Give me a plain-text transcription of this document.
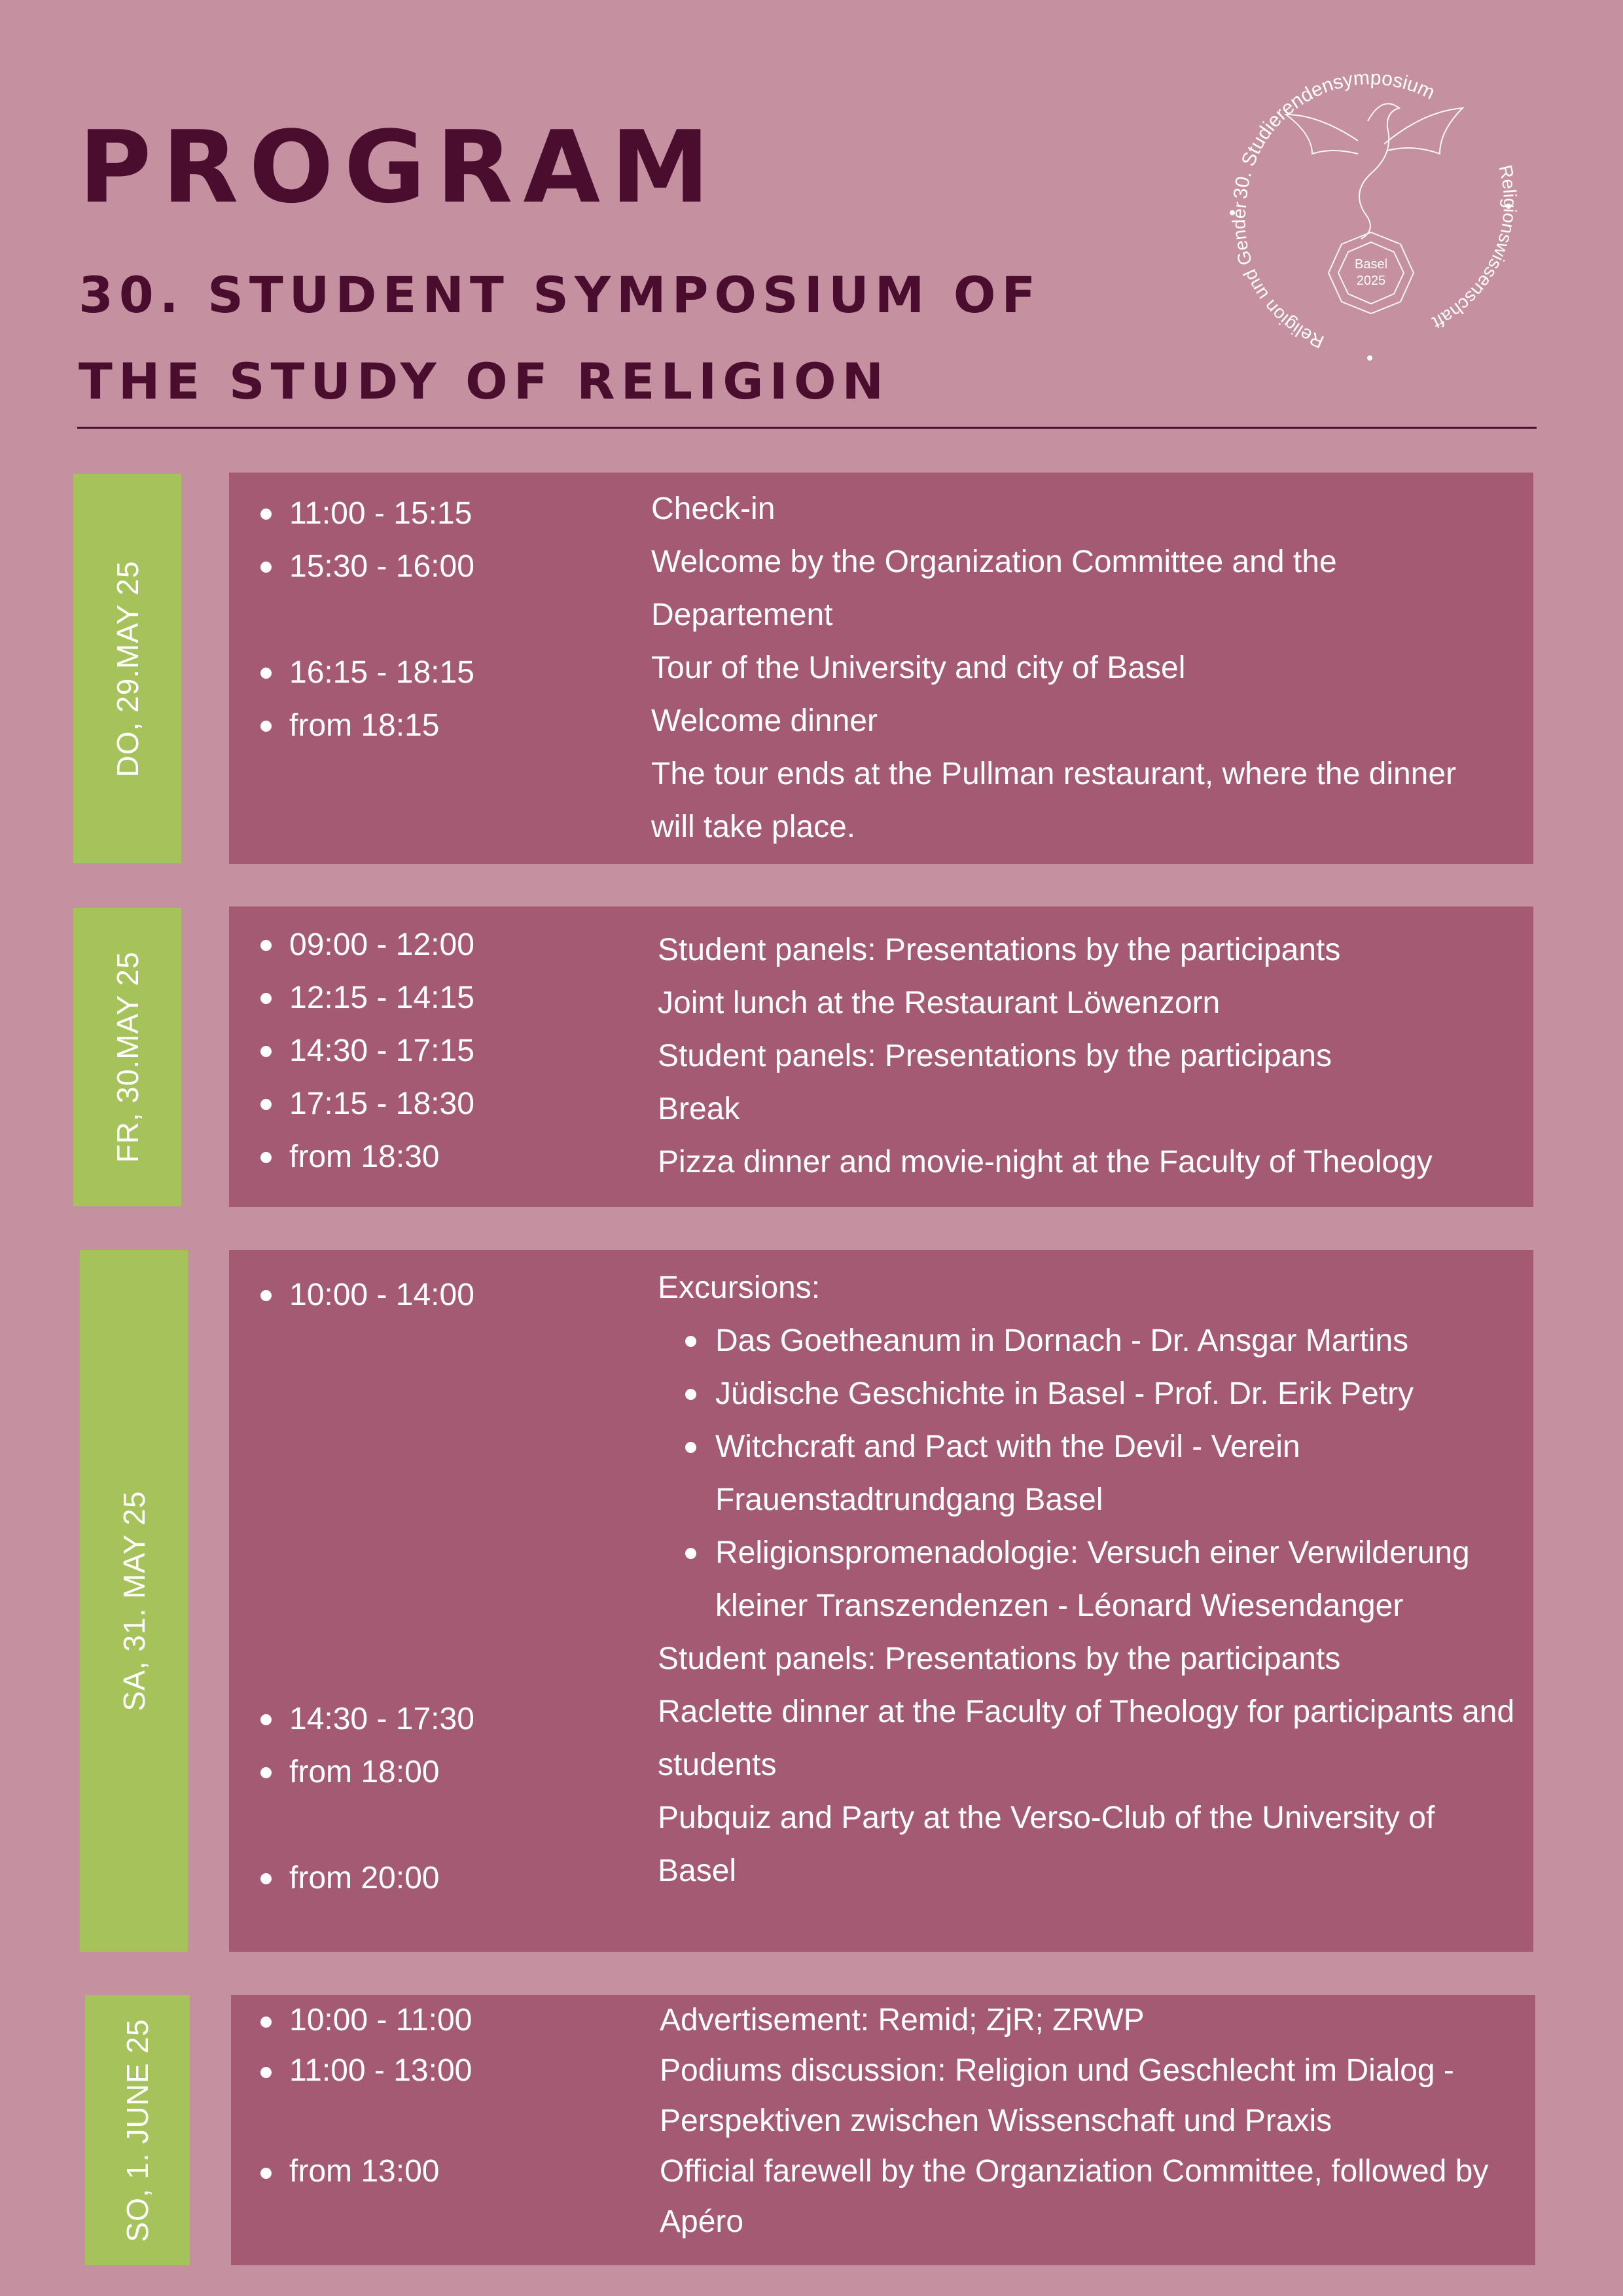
PROGRAM
30. STUDENT SYMPOSIUM OF
THE STUDY OF RELIGION
30. Studierendensymposium
Religionswissenschaft
Religion und Gender
Basel
2025
DO, 29.MAY 25
11:00 - 15:15
15:30 - 16:00
16:15 - 18:15
from 18:15
Check-in
Welcome by the Organization Committee and the Departement
Tour of the University and city of Basel
Welcome dinner
The tour ends at the Pullman restaurant, where the dinner will take place.
FR, 30.MAY 25
09:00 - 12:00
12:15 - 14:15
14:30 - 17:15
17:15 - 18:30
from 18:30
Student panels: Presentations by the participants
Joint lunch at the Restaurant Löwenzorn
Student panels: Presentations by the participans
Break
Pizza dinner and movie-night at the Faculty of Theology
SA, 31. MAY 25
10:00 - 14:00
14:30 - 17:30
from 18:00
from 20:00
Excursions:
Das Goetheanum in Dornach - Dr. Ansgar Martins
Jüdische Geschichte in Basel - Prof. Dr. Erik Petry
Witchcraft and Pact with the Devil - Verein Frauenstadtrundgang Basel
Religionspromenadologie: Versuch einer Verwilderung kleiner Transzendenzen - Léonard Wiesendanger
Student panels: Presentations by the participants
Raclette dinner at the Faculty of Theology for participants and students
Pubquiz and Party at the Verso-Club of the University of Basel
SO, 1. JUNE 25	10:00 - 11:00
11:00 - 13:00
from 13:00
Advertisement: Remid; ZjR; ZRWP
Podiums discussion: Religion und Geschlecht im Dialog - Perspektiven zwischen Wissenschaft und Praxis
Official farewell by the Organziation Committee, followed by Apéro
